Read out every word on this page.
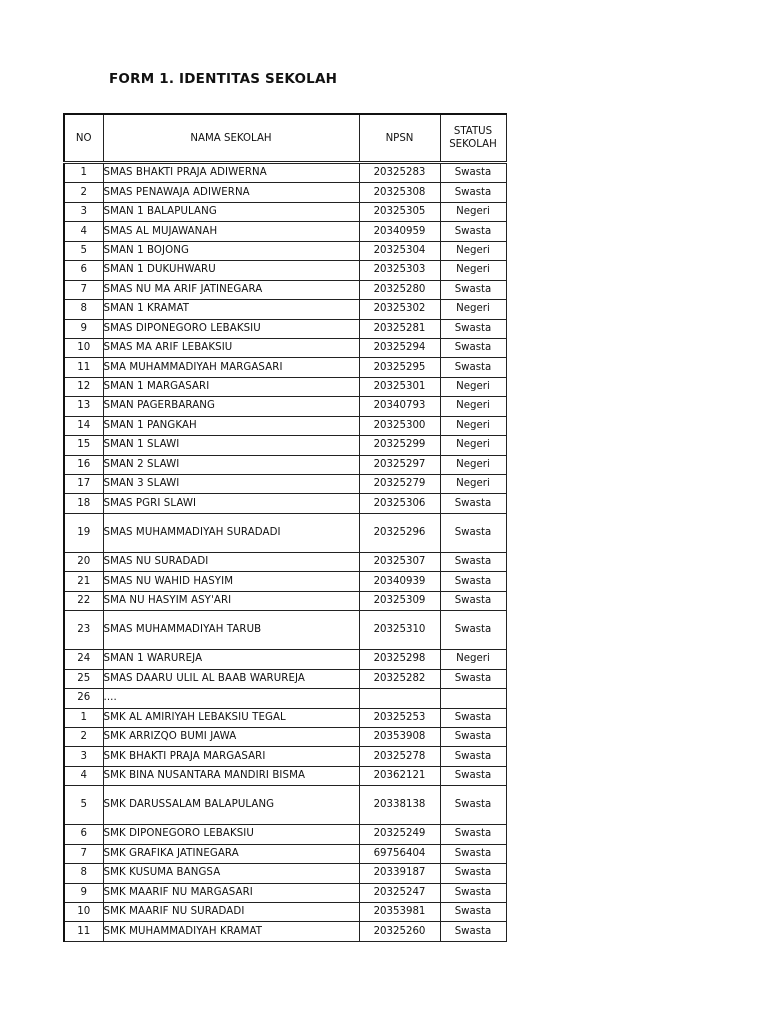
FORM 1. IDENTITAS SEKOLAH
NO	NAMA SEKOLAH	NPSN	STATUS SEKOLAH
1	SMAS BHAKTI PRAJA ADIWERNA	20325283	Swasta
2	SMAS PENAWAJA ADIWERNA	20325308	Swasta
3	SMAN 1 BALAPULANG	20325305	Negeri
4	SMAS AL MUJAWANAH	20340959	Swasta
5	SMAN 1 BOJONG	20325304	Negeri
6	SMAN 1 DUKUHWARU	20325303	Negeri
7	SMAS NU MA ARIF JATINEGARA	20325280	Swasta
8	SMAN 1 KRAMAT	20325302	Negeri
9	SMAS DIPONEGORO LEBAKSIU	20325281	Swasta
10	SMAS MA ARIF LEBAKSIU	20325294	Swasta
11	SMA MUHAMMADIYAH MARGASARI	20325295	Swasta
12	SMAN 1 MARGASARI	20325301	Negeri
13	SMAN PAGERBARANG	20340793	Negeri
14	SMAN 1 PANGKAH	20325300	Negeri
15	SMAN 1 SLAWI	20325299	Negeri
16	SMAN 2 SLAWI	20325297	Negeri
17	SMAN 3 SLAWI	20325279	Negeri
18	SMAS PGRI SLAWI	20325306	Swasta
19	SMAS MUHAMMADIYAH SURADADI	20325296	Swasta
20	SMAS NU SURADADI	20325307	Swasta
21	SMAS NU WAHID HASYIM	20340939	Swasta
22	SMA NU HASYIM ASY'ARI	20325309	Swasta
23	SMAS MUHAMMADIYAH TARUB	20325310	Swasta
24	SMAN 1 WARUREJA	20325298	Negeri
25	SMAS DAARU ULIL AL BAAB WARUREJA	20325282	Swasta
26	....		
1	SMK AL AMIRIYAH LEBAKSIU TEGAL	20325253	Swasta
2	SMK ARRIZQO BUMI JAWA	20353908	Swasta
3	SMK BHAKTI PRAJA MARGASARI	20325278	Swasta
4	SMK BINA NUSANTARA MANDIRI BISMA	20362121	Swasta
5	SMK DARUSSALAM BALAPULANG	20338138	Swasta
6	SMK DIPONEGORO LEBAKSIU	20325249	Swasta
7	SMK GRAFIKA JATINEGARA	69756404	Swasta
8	SMK KUSUMA BANGSA	20339187	Swasta
9	SMK MAARIF NU MARGASARI	20325247	Swasta
10	SMK MAARIF NU SURADADI	20353981	Swasta
11	SMK MUHAMMADIYAH KRAMAT	20325260	Swasta
